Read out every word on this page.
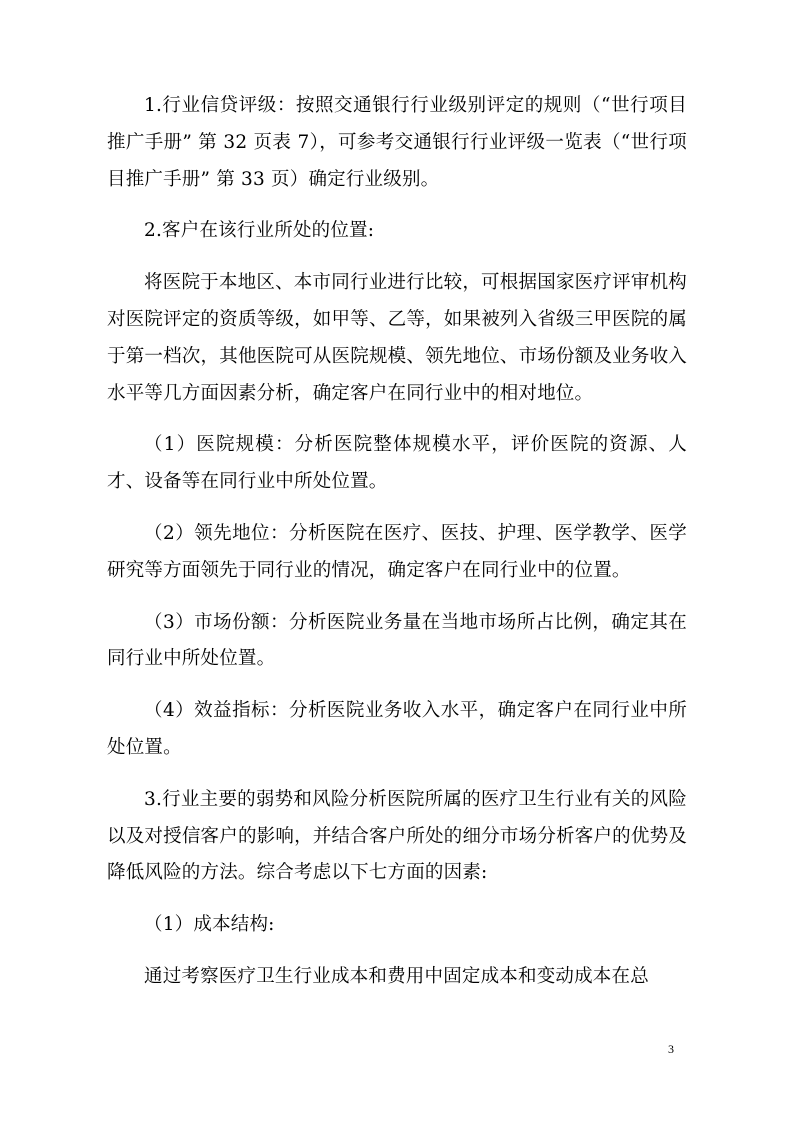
1.行业信贷评级：按照交通银行行业级别评定的规则（“世行项目推广手册” 第 32 页表 7），可参考交通银行行业评级一览表（“世行项目推广手册” 第 33 页）确定行业级别。

2.客户在该行业所处的位置:

将医院于本地区、本市同行业进行比较，可根据国家医疗评审机构对医院评定的资质等级，如甲等、乙等，如果被列入省级三甲医院的属于第一档次，其他医院可从医院规模、领先地位、市场份额及业务收入水平等几方面因素分析，确定客户在同行业中的相对地位。

（1）医院规模：分析医院整体规模水平，评价医院的资源、人才、设备等在同行业中所处位置。

（2）领先地位：分析医院在医疗、医技、护理、医学教学、医学研究等方面领先于同行业的情况，确定客户在同行业中的位置。

（3）市场份额：分析医院业务量在当地市场所占比例，确定其在同行业中所处位置。

（4）效益指标：分析医院业务收入水平，确定客户在同行业中所处位置。

3.行业主要的弱势和风险分析医院所属的医疗卫生行业有关的风险以及对授信客户的影响，并结合客户所处的细分市场分析客户的优势及降低风险的方法。综合考虑以下七方面的因素:

（1）成本结构:

通过考察医疗卫生行业成本和费用中固定成本和变动成本在总

3
